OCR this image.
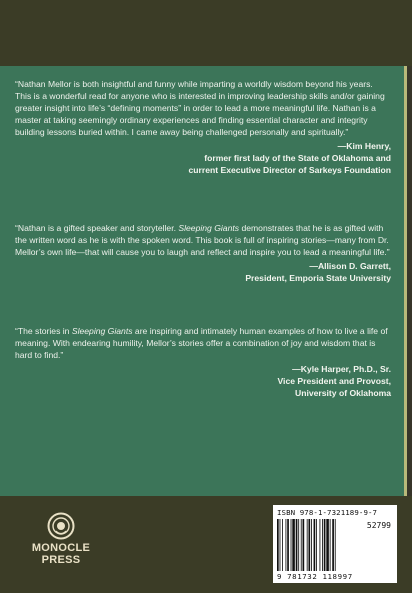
“Nathan Mellor is both insightful and funny while imparting a worldly wisdom beyond his years. This is a wonderful read for anyone who is interested in improving leadership skills and/or gaining greater insight into life’s “defining moments” in order to lead a more meaningful life. Nathan is a master at taking seemingly ordinary experiences and finding essential character and integrity building lessons buried within. I came away being challenged personally and spiritually.”

—Kim Henry,
former first lady of the State of Oklahoma and
current Executive Director of Sarkeys Foundation

“Nathan is a gifted speaker and storyteller. Sleeping Giants demonstrates that he is as gifted with the written word as he is with the spoken word. This book is full of inspiring stories—many from Dr. Mellor’s own life—that will cause you to laugh and reflect and inspire you to lead a meaningful life.”

—Allison D. Garrett,
President, Emporia State University

“The stories in Sleeping Giants are inspiring and intimately human examples of how to live a life of meaning. With endearing humility, Mellor’s stories offer a combination of joy and wisdom that is hard to find.”

—Kyle Harper, Ph.D., Sr.
Vice President and Provost,
University of Oklahoma
MONOCLE
PRESS
ISBN 978-1-7321189-9-7
52799
9 781732 118997
